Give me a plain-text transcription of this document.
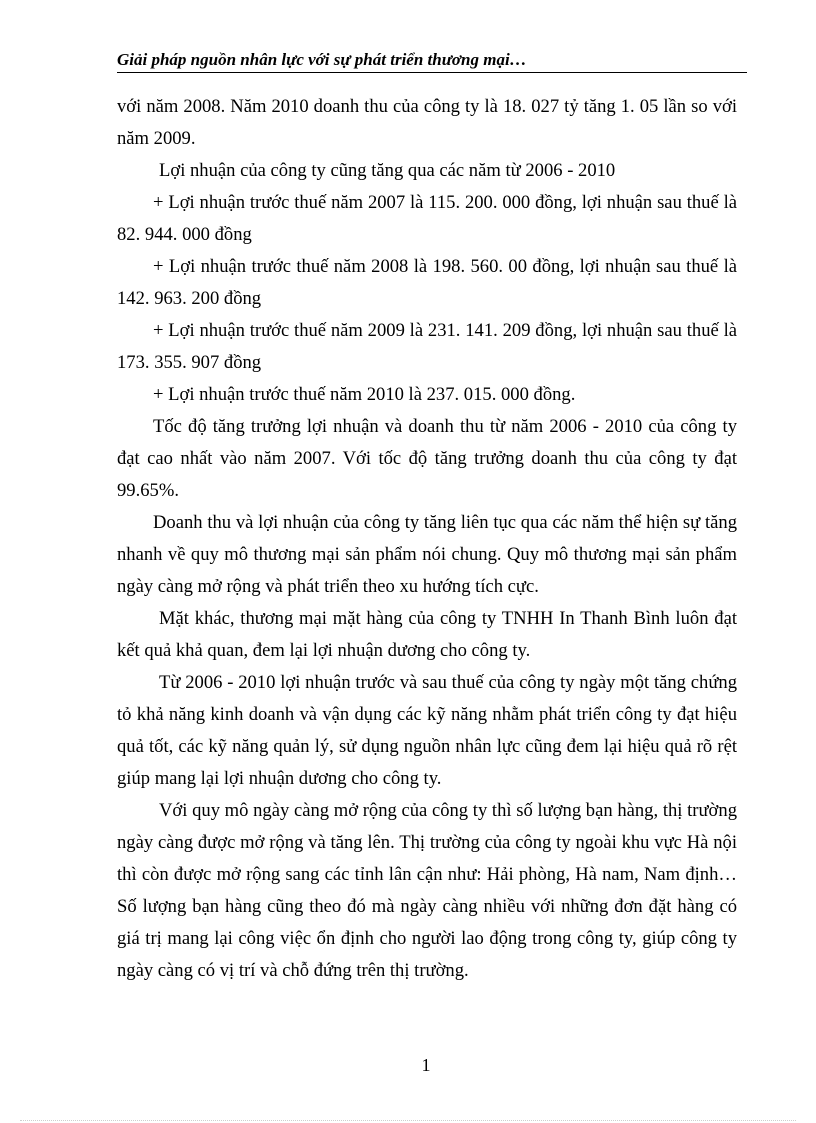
Giải pháp nguồn nhân lực với sự phát triển thương mại…

với năm 2008. Năm 2010 doanh thu của công ty là 18. 027 tỷ tăng 1. 05 lần so với năm 2009.

Lợi nhuận của công ty cũng tăng qua các năm từ 2006 - 2010

+ Lợi nhuận trước thuế năm 2007 là 115. 200. 000 đồng, lợi nhuận sau thuế là 82. 944. 000 đồng

+ Lợi nhuận trước thuế năm 2008 là 198. 560. 00 đồng, lợi nhuận sau thuế là 142. 963. 200 đồng

+ Lợi nhuận trước thuế năm 2009 là 231. 141. 209 đồng, lợi nhuận sau thuế là 173. 355. 907 đồng

+ Lợi nhuận trước thuế năm 2010 là 237. 015. 000 đồng.

Tốc độ tăng trưởng lợi nhuận và doanh thu từ năm 2006 - 2010 của công ty đạt cao nhất vào năm 2007. Với tốc độ tăng trưởng doanh thu của công ty đạt 99.65%.

Doanh thu và lợi nhuận của công ty tăng liên tục qua các năm thể hiện sự tăng nhanh về quy mô thương mại sản phẩm nói chung. Quy mô thương mại sản phẩm ngày càng mở rộng và phát triển theo xu hướng tích cực.

Mặt khác, thương mại mặt hàng của công ty TNHH In Thanh Bình luôn đạt kết quả khả quan, đem lại lợi nhuận dương cho công ty.

Từ 2006 - 2010 lợi nhuận trước và sau thuế của công ty ngày một tăng chứng tỏ khả năng kinh doanh và vận dụng các kỹ năng nhằm phát triển công ty đạt hiệu quả tốt, các kỹ năng quản lý, sử dụng nguồn nhân lực cũng đem lại hiệu quả rõ rệt giúp mang lại lợi nhuận dương cho công ty.

Với quy mô ngày càng mở rộng của công ty thì số lượng bạn hàng, thị trường ngày càng được mở rộng và tăng lên. Thị trường của công ty ngoài khu vực Hà nội thì còn được mở rộng sang các tỉnh lân cận như: Hải phòng, Hà nam, Nam định… Số lượng bạn hàng cũng theo đó mà ngày càng nhiều với những đơn đặt hàng có giá trị mang lại công việc ổn định cho người lao động trong công ty, giúp công ty ngày càng có vị trí và chỗ đứng trên thị trường.

1
